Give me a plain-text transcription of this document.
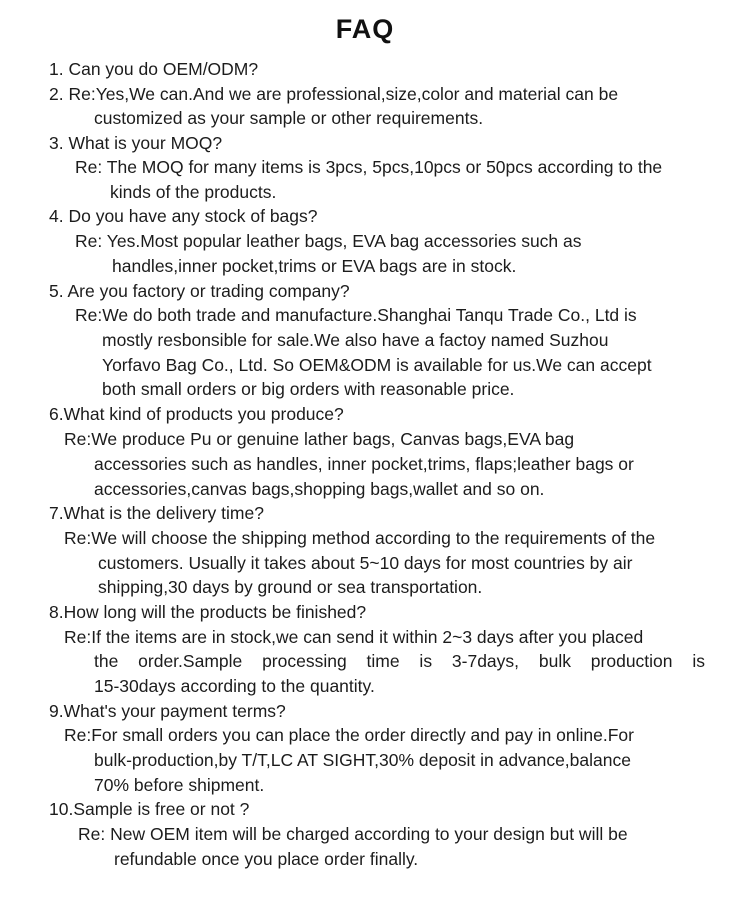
FAQ
1. Can you do OEM/ODM?
2. Re:Yes,We can.And we are professional,size,color and material can be
customized as your sample or other requirements.
3. What is your MOQ?
Re: The MOQ for many items is 3pcs, 5pcs,10pcs or 50pcs according to the
kinds of the products.
4. Do you have any stock of bags?
Re: Yes.Most popular leather bags, EVA bag accessories such as
handles,inner pocket,trims or EVA bags are in stock.
5. Are you factory or trading company?
Re:We do both trade and manufacture.Shanghai Tanqu Trade Co., Ltd is
mostly resbonsible for sale.We also have a factoy named Suzhou
Yorfavo Bag Co., Ltd. So OEM&ODM is available for us.We can accept
both small orders or big orders with reasonable price.
6.What kind of products you produce?
Re:We produce Pu or genuine lather bags, Canvas bags,EVA bag
accessories such as handles, inner pocket,trims, flaps;leather bags or
accessories,canvas bags,shopping bags,wallet and so on.
7.What is the delivery time?
Re:We will choose the shipping method according to the requirements of the
customers. Usually it takes about 5~10 days for most countries by air
shipping,30 days by ground or sea transportation.
8.How long will the products be finished?
Re:If the items are in stock,we can send it within 2~3 days after you placed
the order.Sample processing time is 3-7days, bulk production is
15-30days according to the quantity.
9.What's your payment terms?
Re:For small orders you can place the order directly and pay in online.For
bulk-production,by T/T,LC AT SIGHT,30% deposit in advance,balance
70% before shipment.
10.Sample is free or not ?
Re: New OEM item will be charged according to your design but will be
refundable once you place order finally.
